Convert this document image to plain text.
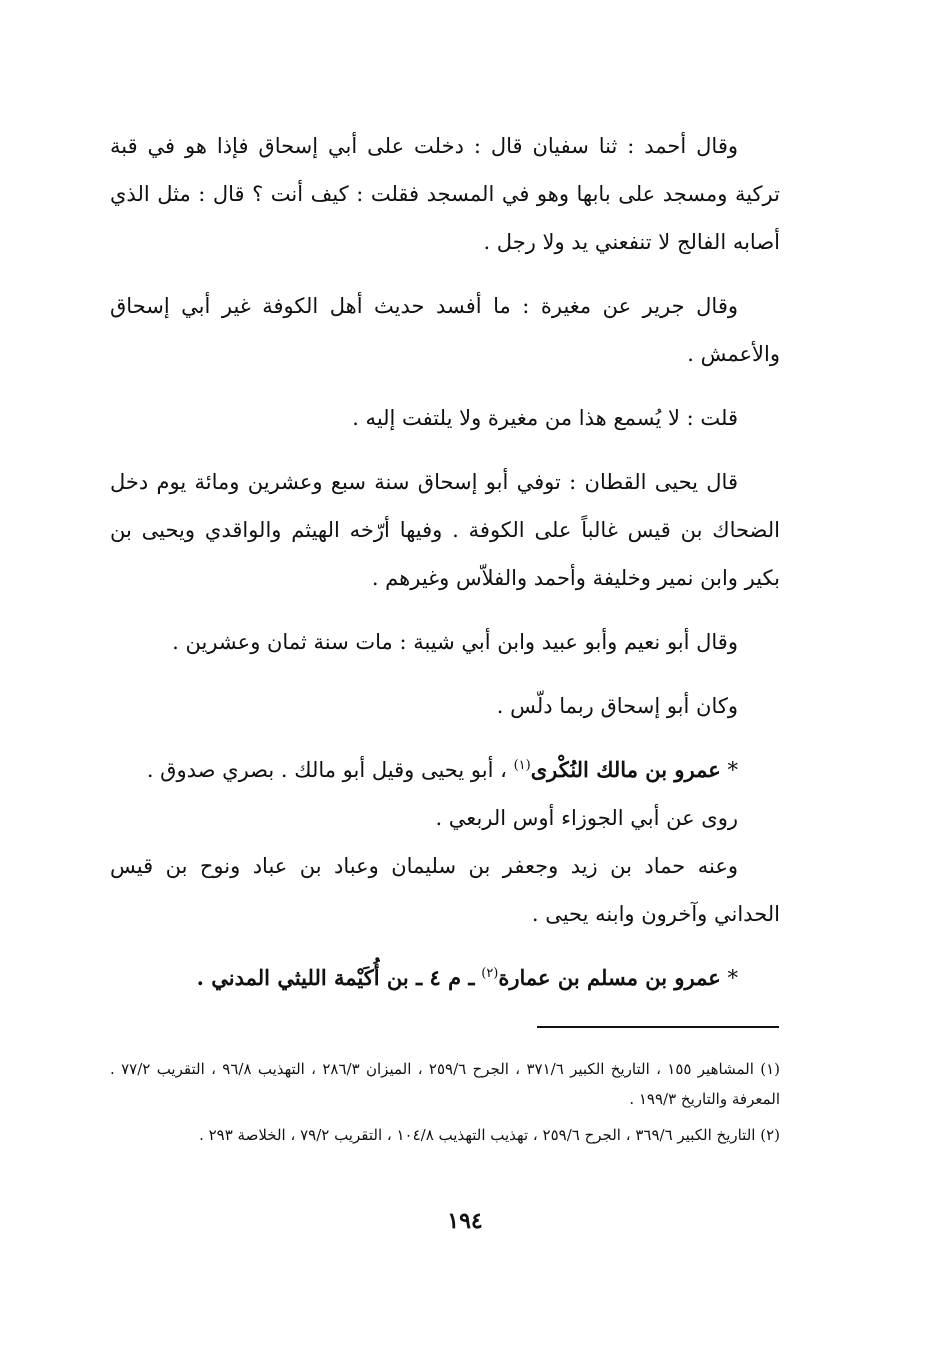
وقال أحمد : ثنا سفيان قال : دخلت على أبي إسحاق فإذا هو في قبة تركية ومسجد على بابها وهو في المسجد فقلت : كيف أنت ؟ قال : مثل الذي أصابه الفالج لا تنفعني يد ولا رجل .

وقال جرير عن مغيرة : ما أفسد حديث أهل الكوفة غير أبي إسحاق والأعمش .

قلت : لا يُسمع هذا من مغيرة ولا يلتفت إليه .

قال يحيى القطان : توفي أبو إسحاق سنة سبع وعشرين ومائة يوم دخل الضحاك بن قيس غالباً على الكوفة . وفيها أرّخه الهيثم والواقدي ويحيى بن بكير وابن نمير وخليفة وأحمد والفلاّس وغيرهم .

وقال أبو نعيم وأبو عبيد وابن أبي شيبة : مات سنة ثمان وعشرين .

وكان أبو إسحاق ربما دلّس .

* عمرو بن مالك النُكْرى$^{(١)}$ ، أبو يحيى وقيل أبو مالك . بصري صدوق .

روى عن أبي الجوزاء أوس الربعي .

وعنه حماد بن زيد وجعفر بن سليمان وعباد بن عباد ونوح بن قيس الحداني وآخرون وابنه يحيى .

* عمرو بن مسلم بن عمارة$^{(٢)}$ ـ م ٤ ـ بن أُكَيْمة الليثي المدني .

(١) المشاهير ١٥٥ ، التاريخ الكبير ٣٧١/٦ ، الجرح ٢٥٩/٦ ، الميزان ٢٨٦/٣ ، التهذيب ٩٦/٨ ، التقريب ٧٧/٢ . المعرفة والتاريخ ١٩٩/٣ .

(٢) التاريخ الكبير ٣٦٩/٦ ، الجرح ٢٥٩/٦ ، تهذيب التهذيب ١٠٤/٨ ، التقريب ٧٩/٢ ، الخلاصة ٢٩٣ .

١٩٤
